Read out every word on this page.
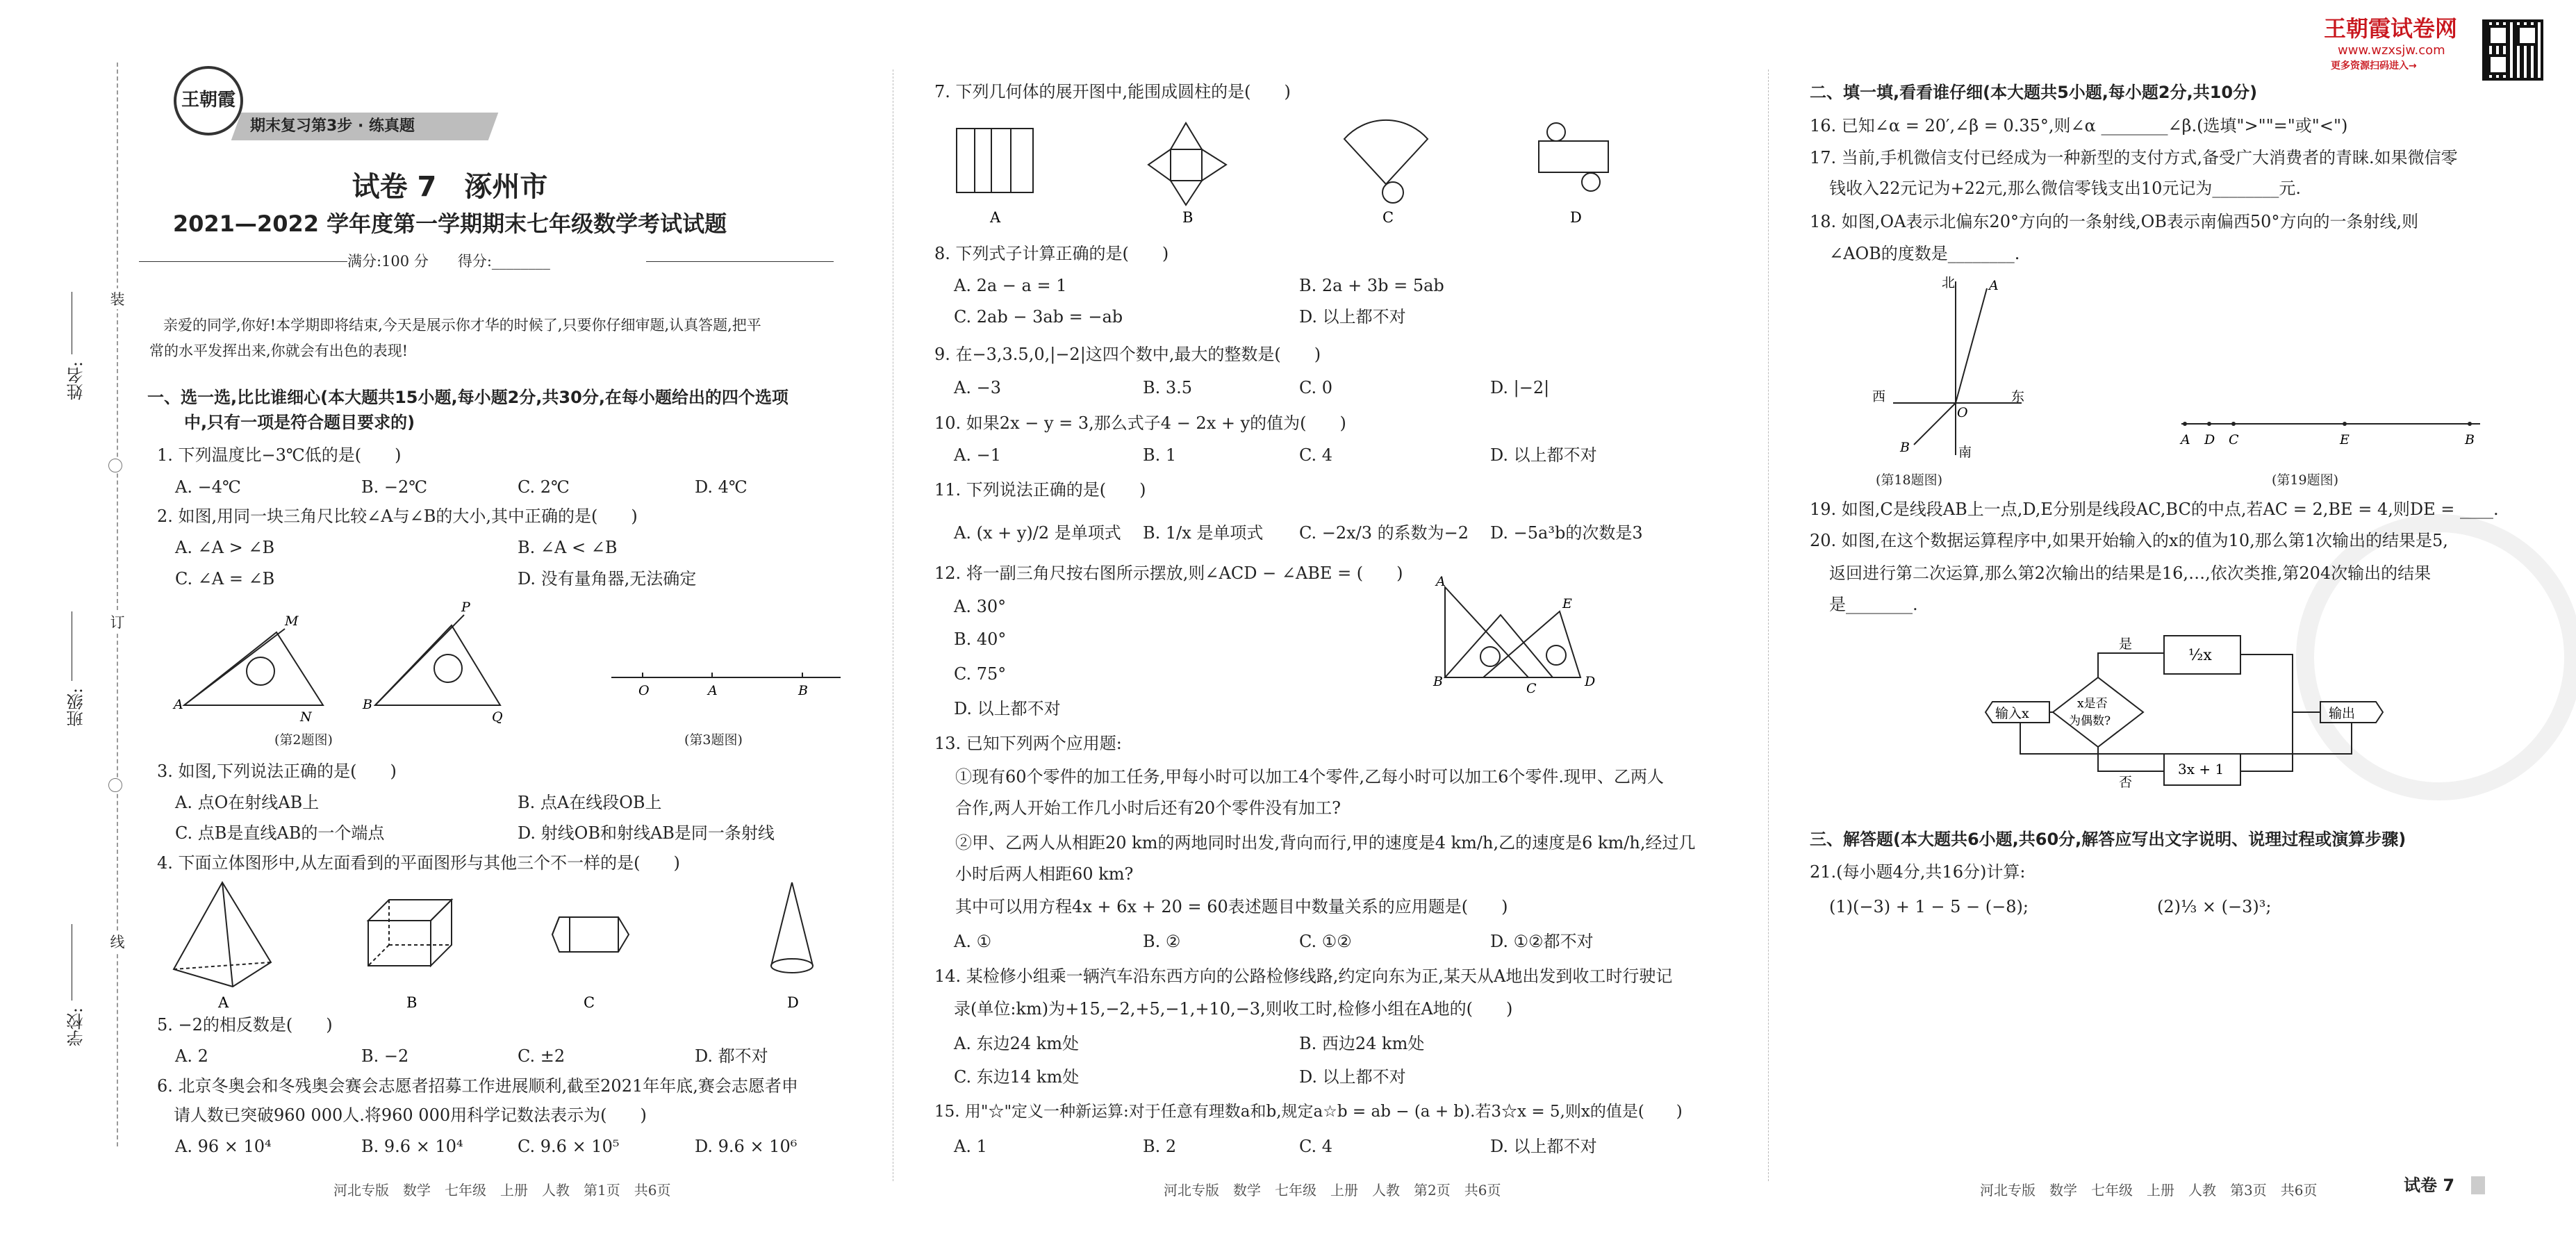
装
订
线
姓名:
班级:
学校:
王朝霞
期末复习第3步 · 练真题
试卷 7　涿州市
2021—2022 学年度第一学期期末七年级数学考试试题
满分:100 分　　得分:________
亲爱的同学,你好!本学期即将结束,今天是展示你才华的时候了,只要你仔细审题,认真答题,把平
常的水平发挥出来,你就会有出色的表现!
一、选一选,比比谁细心(本大题共15小题,每小题2分,共30分,在每小题给出的四个选项
中,只有一项是符合题目要求的)
1. 下列温度比−3℃低的是(　　)
A. −4℃	B. −2℃	C. 2℃	D. 4℃
2. 如图,用同一块三角尺比较∠A与∠B的大小,其中正确的是(　　)
A. ∠A > ∠B	B. ∠A < ∠B
C. ∠A = ∠B	D. 没有量角器,无法确定
M
A
N
P
B
Q
(第2题图)
O	A	B
(第3题图)
3. 如图,下列说法正确的是(　　)
A. 点O在射线AB上	B. 点A在线段OB上
C. 点B是直线AB的一个端点	D. 射线OB和射线AB是同一条射线
4. 下面立体图形中,从左面看到的平面图形与其他三个不一样的是(　　)
A	B	C	D
5. −2的相反数是(　　)
A. 2	B. −2	C. ±2	D. 都不对
6. 北京冬奥会和冬残奥会赛会志愿者招募工作进展顺利,截至2021年年底,赛会志愿者申
请人数已突破960 000人.将960 000用科学记数法表示为(　　)
A. 96 × 10⁴	B. 9.6 × 10⁴	C. 9.6 × 10⁵	D. 9.6 × 10⁶
河北专版　数学　七年级　上册　人教　第1页　共6页
7. 下列几何体的展开图中,能围成圆柱的是(　　)
A	B	C	D
8. 下列式子计算正确的是(　　)
A. 2a − a = 1	B. 2a + 3b = 5ab
C. 2ab − 3ab = −ab	D. 以上都不对
9. 在−3,3.5,0,|−2|这四个数中,最大的整数是(　　)
A. −3	B. 3.5	C. 0	D. |−2|
10. 如果2x − y = 3,那么式子4 − 2x + y的值为(　　)
A. −1	B. 1	C. 4	D. 以上都不对
11. 下列说法正确的是(　　)
A. (x + y)/2 是单项式 B. 1/x 是单项式 C. −2x/3 的系数为−2 D. −5a³b的次数是3
12. 将一副三角尺按右图所示摆放,则∠ACD − ∠ABE = (　　)
A. 30°
B. 40°
C. 75°
D. 以上都不对
A
E
B	C	D
13. 已知下列两个应用题:
①现有60个零件的加工任务,甲每小时可以加工4个零件,乙每小时可以加工6个零件.现甲、乙两人
合作,两人开始工作几小时后还有20个零件没有加工?
②甲、乙两人从相距20 km的两地同时出发,背向而行,甲的速度是4 km/h,乙的速度是6 km/h,经过几
小时后两人相距60 km?
其中可以用方程4x + 6x + 20 = 60表述题目中数量关系的应用题是(　　)
A. ①	B. ②	C. ①②	D. ①②都不对
14. 某检修小组乘一辆汽车沿东西方向的公路检修线路,约定向东为正,某天从A地出发到收工时行驶记
录(单位:km)为+15,−2,+5,−1,+10,−3,则收工时,检修小组在A地的(　　)
A. 东边24 km处	B. 西边24 km处
C. 东边14 km处	D. 以上都不对
15. 用"☆"定义一种新运算:对于任意有理数a和b,规定a☆b = ab − (a + b).若3☆x = 5,则x的值是(　　)
A. 1	B. 2	C. 4	D. 以上都不对
河北专版　数学　七年级　上册　人教　第2页　共6页
王朝霞试卷网
www.wzxsjw.com
更多资源扫码进入→
二、填一填,看看谁仔细(本大题共5小题,每小题2分,共10分)
16. 已知∠α = 20′,∠β = 0.35°,则∠α ________∠β.(选填">""="或"<")
17. 当前,手机微信支付已经成为一种新型的支付方式,备受广大消费者的青睐.如果微信零
钱收入22元记为+22元,那么微信零钱支出10元记为________元.
18. 如图,OA表示北偏东20°方向的一条射线,OB表示南偏西50°方向的一条射线,则
∠AOB的度数是________.
北	A
西
O
东
B	南
(第18题图)
A D C	E	B
(第19题图)
19. 如图,C是线段AB上一点,D,E分别是线段AC,BC的中点,若AC = 2,BE = 4,则DE = ____.
20. 如图,在这个数据运算程序中,如果开始输入的x的值为10,那么第1次输出的结果是5,
返回进行第二次运算,那么第2次输出的结果是16,…,依次类推,第204次输出的结果
是________.
输入x
x是否
为偶数?
是
否
½x
3x + 1
输出
三、解答题(本大题共6小题,共60分,解答应写出文字说明、说理过程或演算步骤)
21.(每小题4分,共16分)计算:
(1)(−3) + 1 − 5 − (−8);	(2)⅓ × (−3)³;
河北专版　数学　七年级　上册　人教　第3页　共6页	试卷 7
